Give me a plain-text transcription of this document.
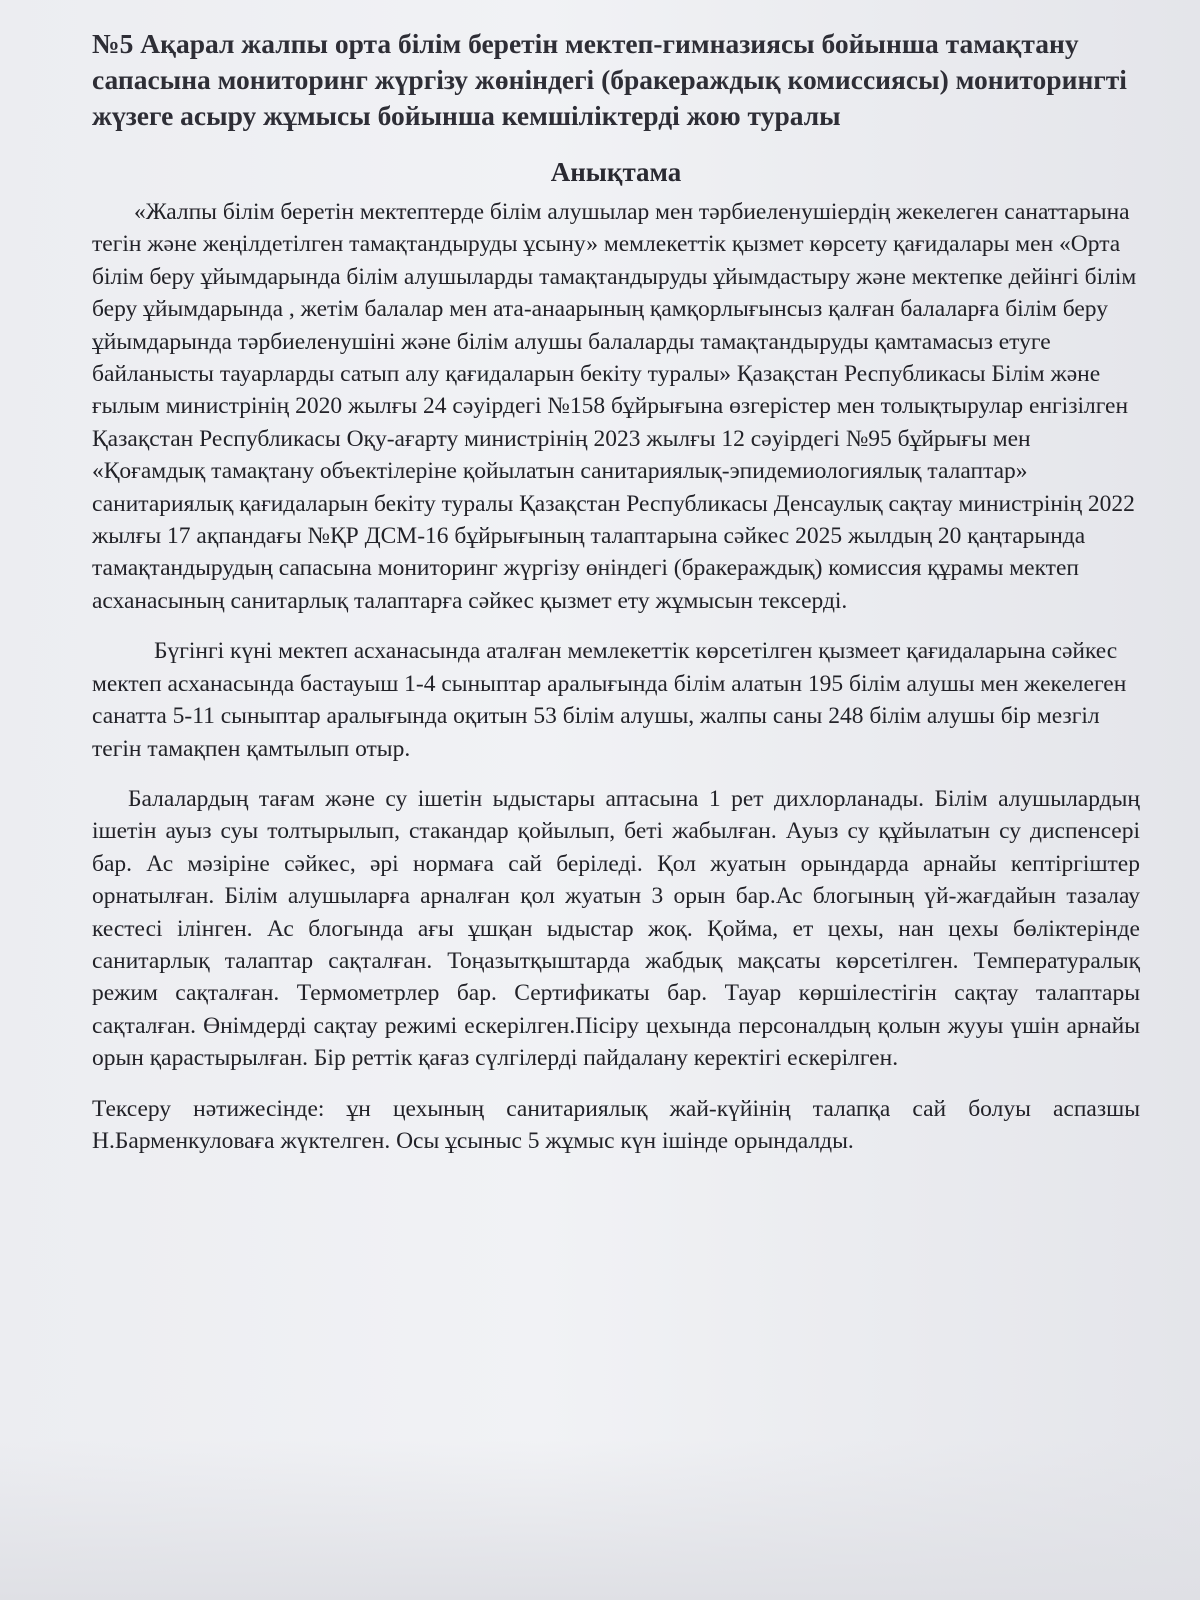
№5 Ақарал жалпы орта білім беретін мектеп-гимназиясы бойынша тамақтану сапасына мониторинг жүргізу жөніндегі (бракераждық комиссиясы) мониторингті жүзеге асыру жұмысы бойынша кемшіліктерді жою туралы
Анықтама

«Жалпы білім беретін мектептерде білім алушылар мен тәрбиеленушіердің жекелеген санаттарына тегін және жеңілдетілген тамақтандыруды ұсыну» мемлекеттік қызмет көрсету қағидалары мен «Орта білім беру ұйымдарында білім алушыларды тамақтандыруды ұйымдастыру және мектепке дейінгі білім беру ұйымдарында , жетім балалар мен ата-анаарының қамқорлығынсыз қалған балаларға білім беру ұйымдарында тәрбиеленушіні және білім алушы балаларды тамақтандыруды қамтамасыз етуге байланысты тауарларды сатып алу қағидаларын бекіту туралы» Қазақстан Республикасы Білім және ғылым министрінің 2020 жылғы 24 сәуірдегі №158 бұйрығына өзгерістер мен толықтырулар енгізілген Қазақстан Республикасы Оқу-ағарту министрінің 2023 жылғы 12 сәуірдегі №95 бұйрығы мен «Қоғамдық тамақтану объектілеріне қойылатын санитариялық-эпидемиологиялық талаптар» санитариялық қағидаларын бекіту туралы Қазақстан Республикасы Денсаулық сақтау министрінің 2022 жылғы 17 ақпандағы №ҚР ДСМ-16 бұйрығының талаптарына сәйкес 2025 жылдың 20 қаңтарында тамақтандырудың сапасына мониторинг жүргізу өніндегі (бракераждық) комиссия құрамы мектеп асханасының санитарлық талаптарға сәйкес қызмет ету жұмысын тексерді.

Бүгінгі күні мектеп асханасында аталған мемлекеттік көрсетілген қызмеет қағидаларына сәйкес мектеп асханасында бастауыш 1-4 сыныптар аралығында білім алатын 195 білім алушы мен жекелеген санатта 5-11 сыныптар аралығында оқитын 53 білім алушы, жалпы саны 248 білім алушы бір мезгіл тегін тамақпен қамтылып отыр.

Балалардың тағам және су ішетін ыдыстары аптасына 1 рет дихлорланады. Білім алушылардың ішетін ауыз суы толтырылып, стакандар қойылып, беті жабылған. Ауыз су құйылатын су диспенсері бар. Ас мәзіріне сәйкес, әрі нормаға сай беріледі. Қол жуатын орындарда арнайы кептіргіштер орнатылған. Білім алушыларға арналған қол жуатын 3 орын бар.Ас блогының үй-жағдайын тазалау кестесі ілінген. Ас блогында ағы ұшқан ыдыстар жоқ. Қойма, ет цехы, нан цехы бөліктерінде санитарлық талаптар сақталған. Тоңазытқыштарда жабдық мақсаты көрсетілген. Температуралық режим сақталған. Термометрлер бар. Сертификаты бар. Тауар көршілестігін сақтау талаптары сақталған. Өнімдерді сақтау режимі ескерілген.Пісіру цехында персоналдың қолын жууы үшін арнайы орын қарастырылған. Бір реттік қағаз сүлгілерді пайдалану керектігі ескерілген.

Тексеру нәтижесінде: ұн цехының санитариялық жай-күйінің талапқа сай болуы аспазшы Н.Барменкуловаға жүктелген. Осы ұсыныс 5 жұмыс күн ішінде орындалды.
